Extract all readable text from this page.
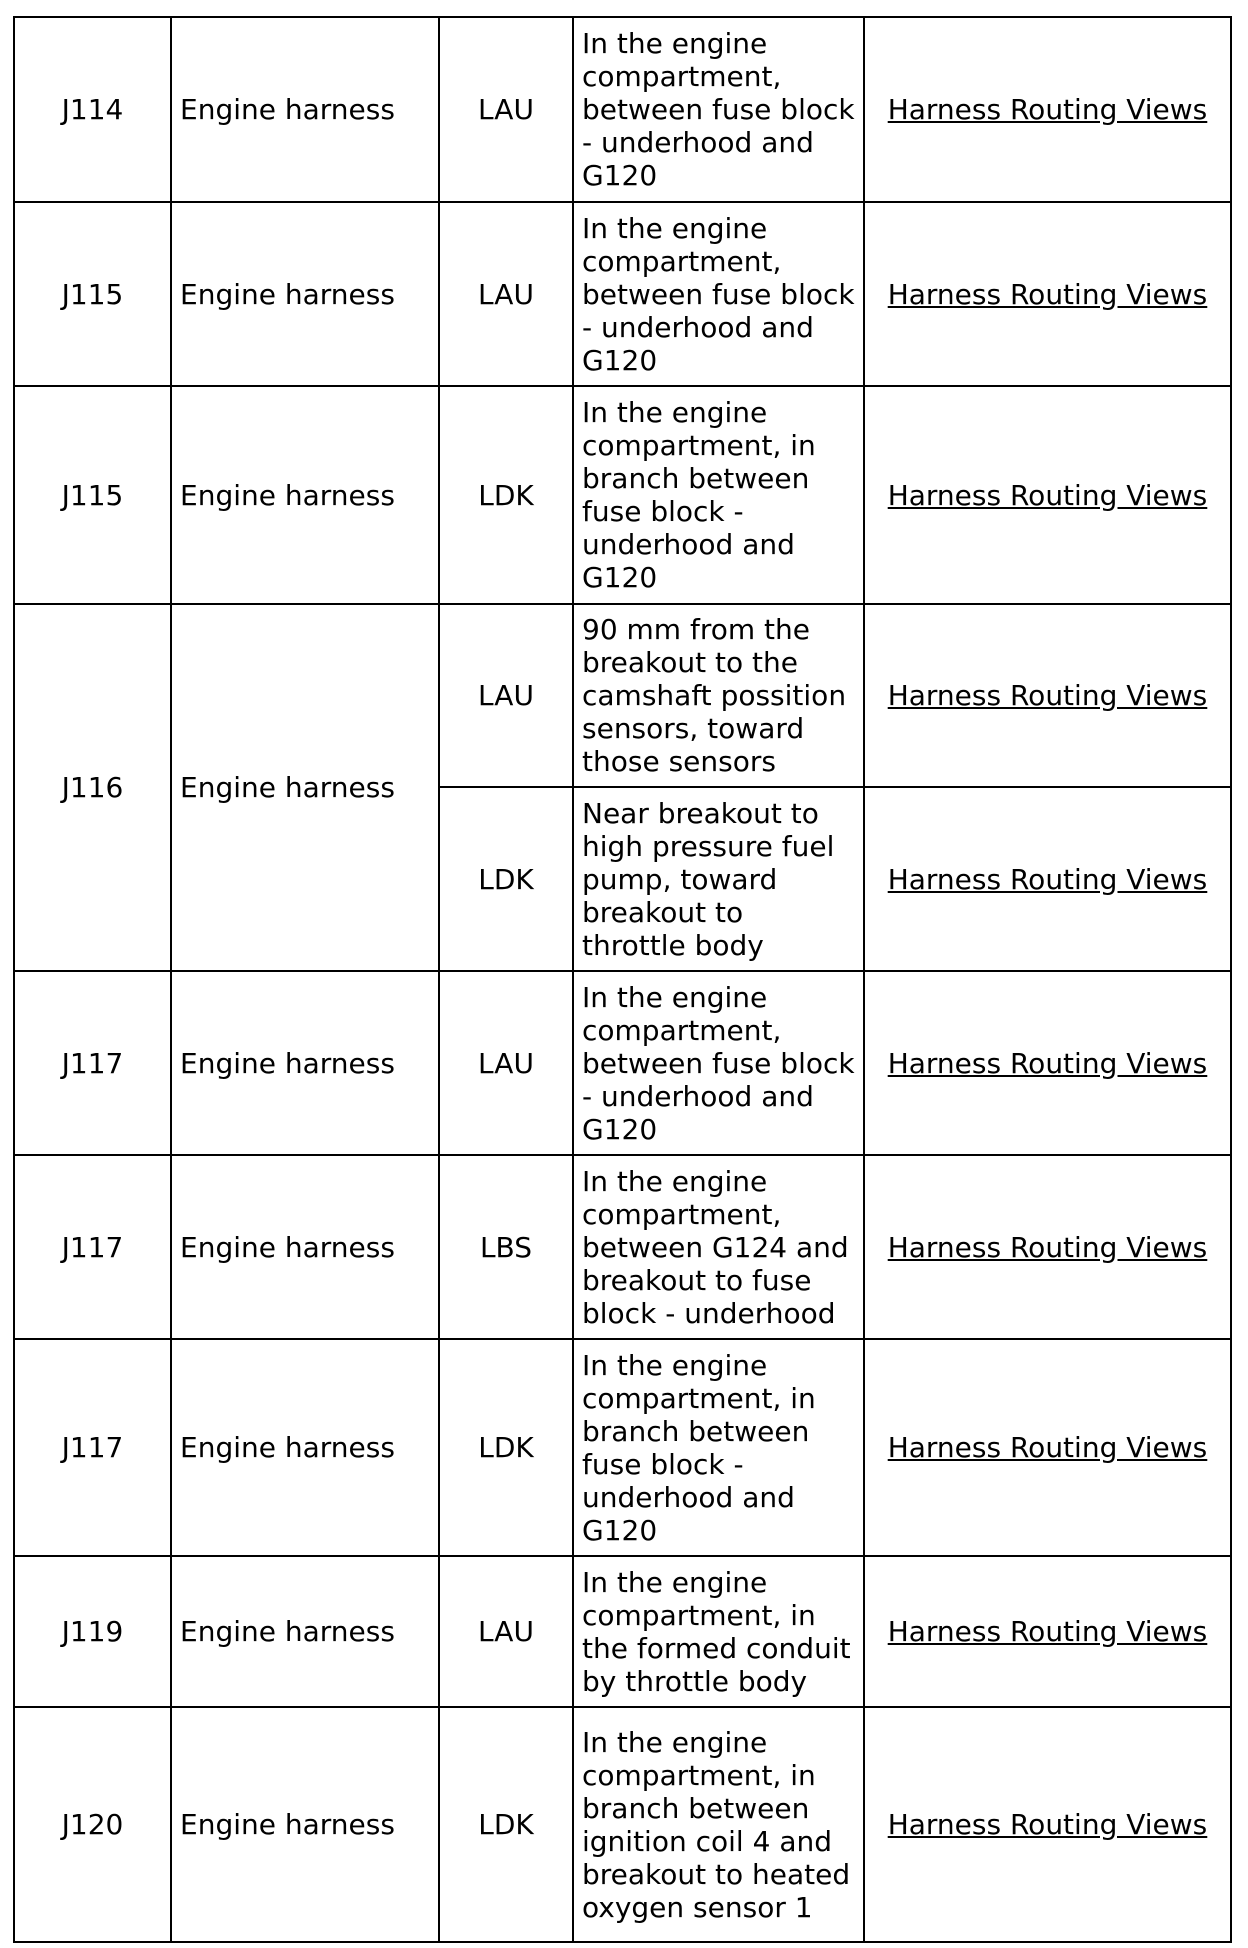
J114	Engine harness	LAU	In the engine compartment, between fuse block - underhood and G120	Harness Routing Views
J115	Engine harness	LAU	In the engine compartment, between fuse block - underhood and G120	Harness Routing Views
J115	Engine harness	LDK	In the engine compartment, in branch between fuse block - underhood and G120	Harness Routing Views
J116	Engine harness	LAU	90 mm from the breakout to the camshaft possition sensors, toward those sensors	Harness Routing Views
		LDK	Near breakout to high pressure fuel pump, toward breakout to throttle body	Harness Routing Views
J117	Engine harness	LAU	In the engine compartment, between fuse block - underhood and G120	Harness Routing Views
J117	Engine harness	LBS	In the engine compartment, between G124 and breakout to fuse block - underhood	Harness Routing Views
J117	Engine harness	LDK	In the engine compartment, in branch between fuse block - underhood and G120	Harness Routing Views
J119	Engine harness	LAU	In the engine compartment, in the formed conduit by throttle body	Harness Routing Views
J120	Engine harness	LDK	In the engine compartment, in branch between ignition coil 4 and breakout to heated oxygen sensor 1	Harness Routing Views
